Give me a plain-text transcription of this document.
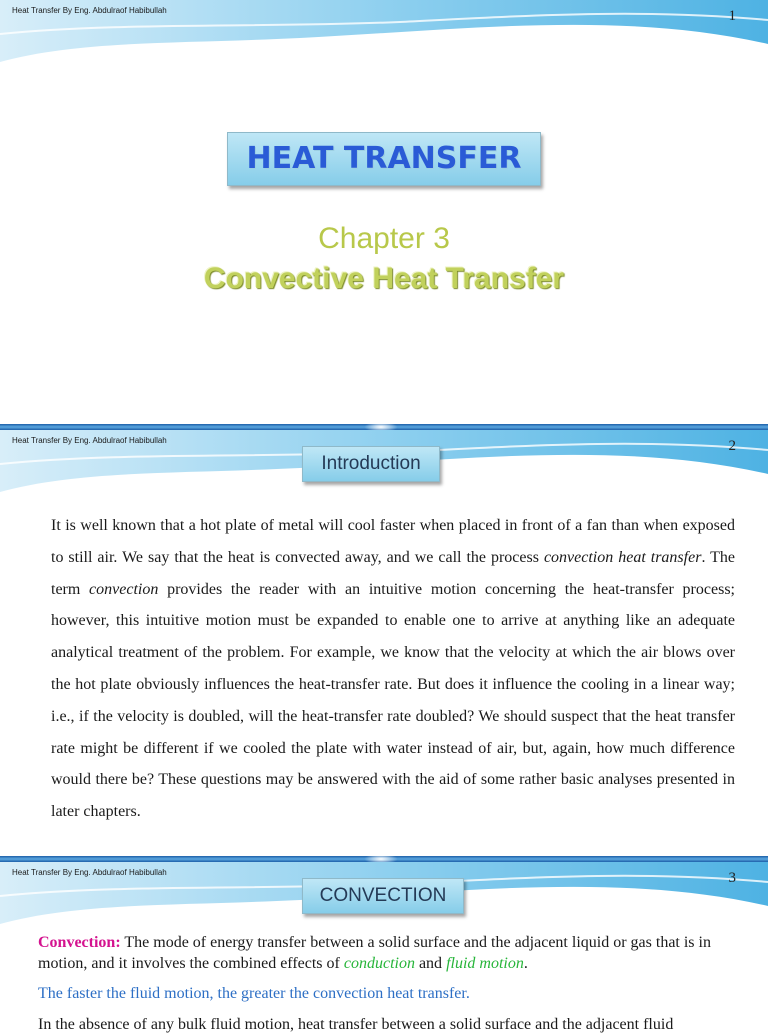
Heat Transfer By Eng. Abdulraof Habibullah	1
HEAT TRANSFER
Chapter 3
Convective Heat Transfer
Heat Transfer By Eng. Abdulraof Habibullah	2
Introduction

It is well known that a hot plate of metal will cool faster when placed in front of a fan than when exposed to still air. We say that the heat is convected away, and we call the process convection heat transfer. The term convection provides the reader with an intuitive motion concerning the heat-transfer process; however, this intuitive motion must be expanded to enable one to arrive at anything like an adequate analytical treatment of the problem. For example, we know that the velocity at which the air blows over the hot plate obviously influences the heat-transfer rate. But does it influence the cooling in a linear way; i.e., if the velocity is doubled, will the heat-transfer rate doubled? We should suspect that the heat transfer rate might be different if we cooled the plate with water instead of air, but, again, how much difference would there be? These questions may be answered with the aid of some rather basic analyses presented in later chapters.

Heat Transfer By Eng. Abdulraof Habibullah	3
CONVECTION

Convection: The mode of energy transfer between a solid surface and the adjacent liquid or gas that is in motion, and it involves the combined effects of conduction and fluid motion.

The faster the fluid motion, the greater the convection heat transfer.

In the absence of any bulk fluid motion, heat transfer between a solid surface and the adjacent fluid
